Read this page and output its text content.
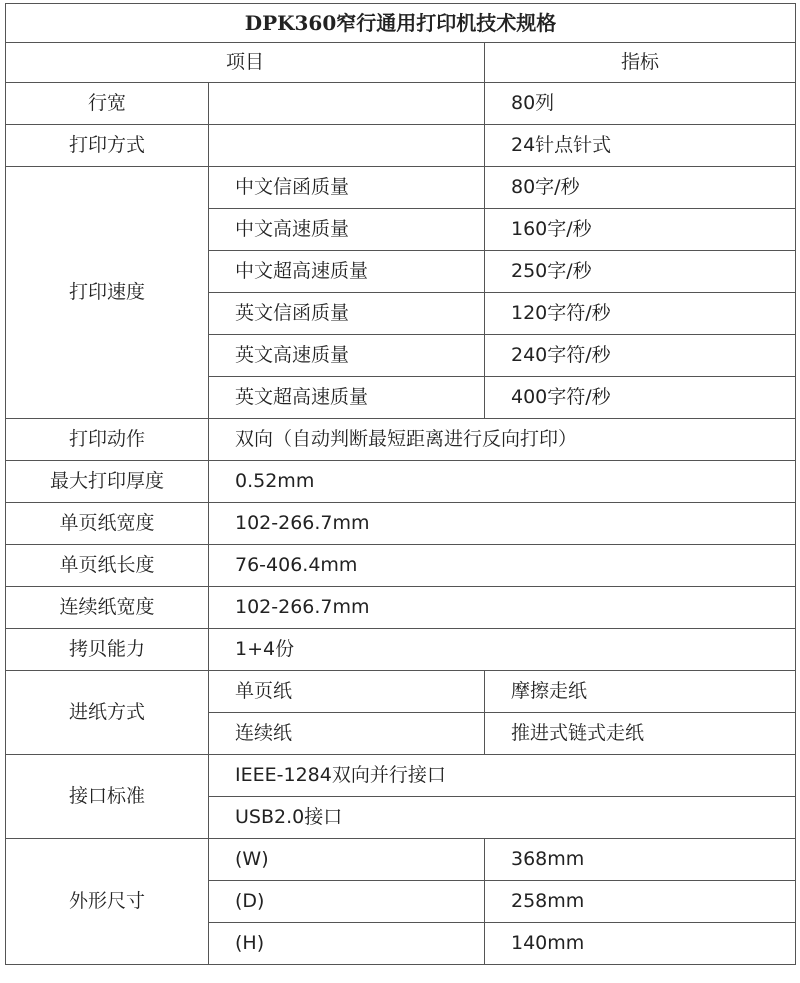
DPK360窄行通用打印机技术规格		
项目		指标
行宽		80列
打印方式		24针点针式
打印速度	中文信函质量	80字/秒
	中文高速质量	160字/秒
	中文超高速质量	250字/秒
	英文信函质量	120字符/秒
	英文高速质量	240字符/秒
	英文超高速质量	400字符/秒
打印动作	双向（自动判断最短距离进行反向打印）	
最大打印厚度	0.52mm	
单页纸宽度	102-266.7mm	
单页纸长度	76-406.4mm	
连续纸宽度	102-266.7mm	
拷贝能力	1+4份	
进纸方式	单页纸	摩擦走纸
	连续纸	推进式链式走纸
接口标准	IEEE-1284双向并行接口	
	USB2.0接口	
外形尺寸	(W)	368mm
	(D)	258mm
	(H)	140mm
